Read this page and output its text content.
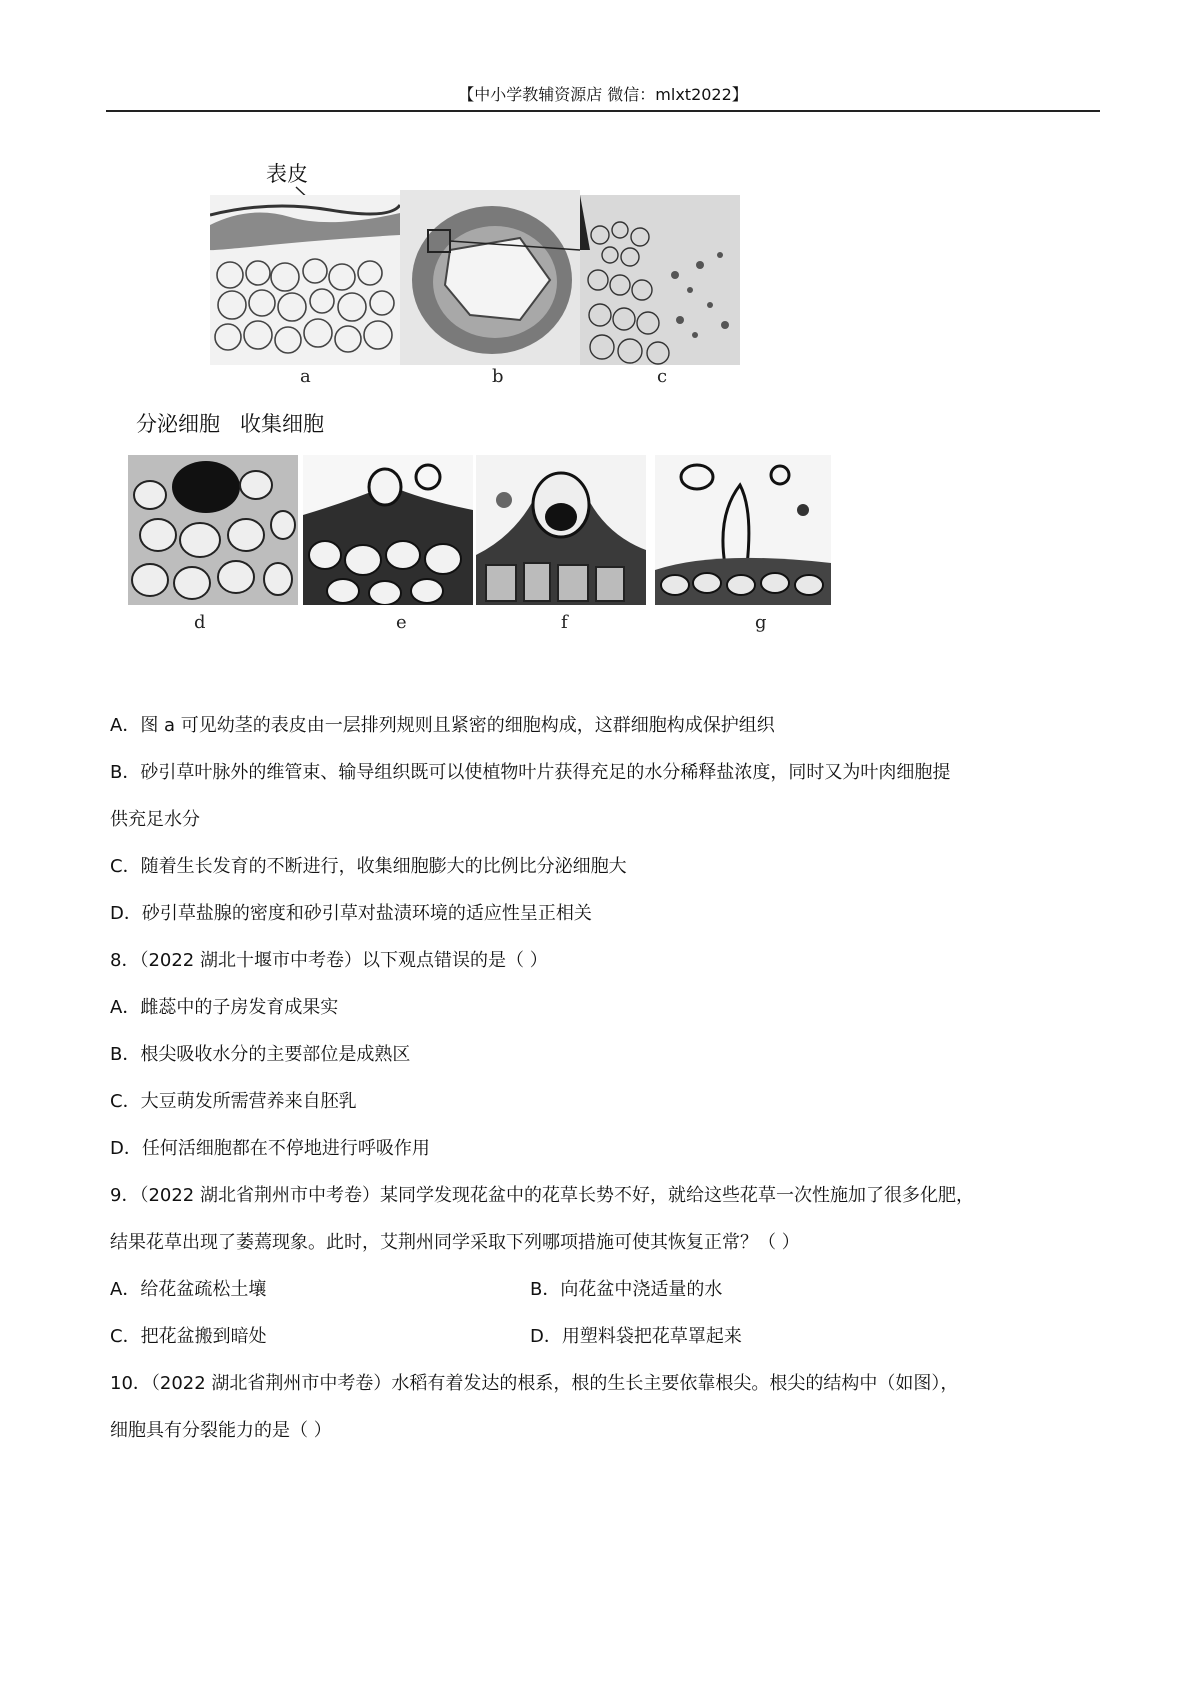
【中小学教辅资源店 微信：mlxt2022】
表皮
a	b	c
分泌细胞 收集细胞
d	e	f	g
A．图 a 可见幼茎的表皮由一层排列规则且紧密的细胞构成，这群细胞构成保护组织
B．砂引草叶脉外的维管束、输导组织既可以使植物叶片获得充足的水分稀释盐浓度，同时又为叶肉细胞提
供充足水分
C．随着生长发育的不断进行，收集细胞膨大的比例比分泌细胞大
D．砂引草盐腺的密度和砂引草对盐渍环境的适应性呈正相关
8．（2022 湖北十堰市中考卷）以下观点错误的是（ ）
A．雌蕊中的子房发育成果实
B．根尖吸收水分的主要部位是成熟区
C．大豆萌发所需营养来自胚乳
D．任何活细胞都在不停地进行呼吸作用
9．（2022 湖北省荆州市中考卷）某同学发现花盆中的花草长势不好，就给这些花草一次性施加了很多化肥，
结果花草出现了萎蔫现象。此时，艾荆州同学采取下列哪项措施可使其恢复正常？（ ）
A．给花盆疏松土壤	B．向花盆中浇适量的水
C．把花盆搬到暗处	D．用塑料袋把花草罩起来
10．（2022 湖北省荆州市中考卷）水稻有着发达的根系，根的生长主要依靠根尖。根尖的结构中（如图），
细胞具有分裂能力的是（ ）
